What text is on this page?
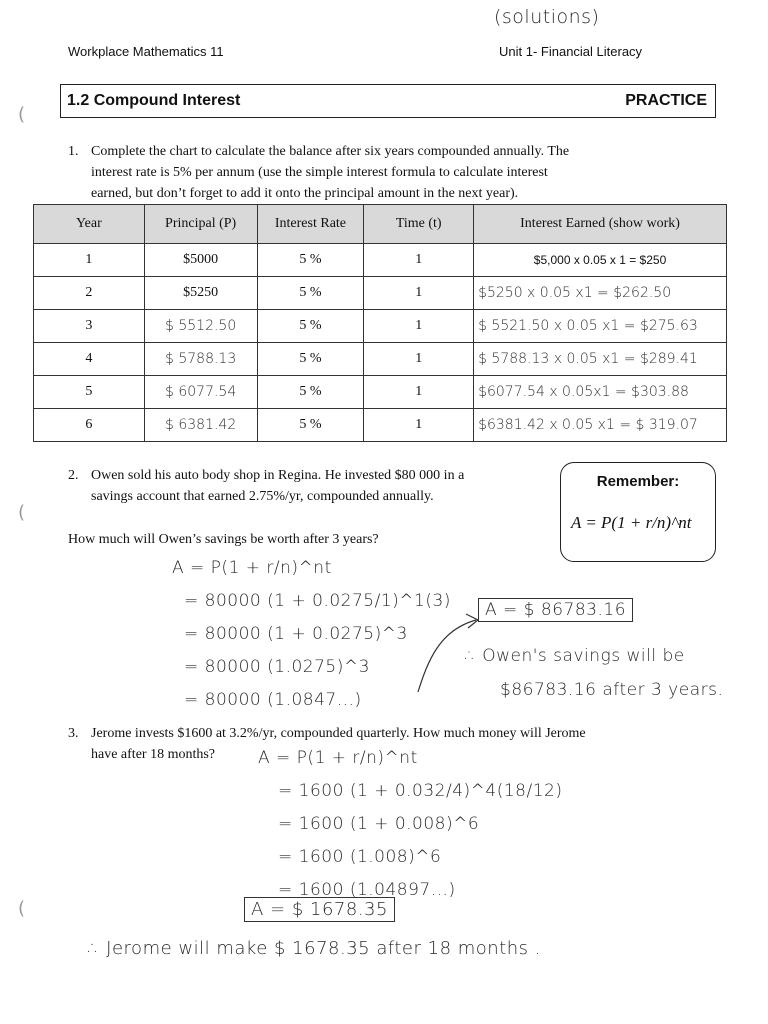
(
(
(
(solutions)
Workplace Mathematics 11	Unit 1- Financial Literacy
1.2 Compound Interest	PRACTICE
1. Complete the chart to calculate the balance after six years compounded annually. The
interest rate is 5% per annum (use the simple interest formula to calculate interest
earned, but don’t forget to add it onto the principal amount in the next year).
Year	Principal (P)	Interest Rate	Time (t)	Interest Earned (show work)
1	$5000	5 %	1	$5,000 x 0.05 x 1 = $250
2	$5250	5 %	1	$5250 x 0.05 x1 = $262.50
3	$ 5512.50	5 %	1	$ 5521.50 x 0.05 x1 = $275.63
4	$ 5788.13	5 %	1	$ 5788.13 x 0.05 x1 = $289.41
5	$ 6077.54	5 %	1	$6077.54 x 0.05x1 = $303.88
6	$ 6381.42	5 %	1	$6381.42 x 0.05 x1 = $ 319.07
2. Owen sold his auto body shop in Regina. He invested $80 000 in a
savings account that earned 2.75%/yr, compounded annually.
How much will Owen’s savings be worth after 3 years?
Remember:
A = P(1 + r/n)^nt
A = P(1 + r/n)^nt
= 80000 (1 + 0.0275/1)^1(3)
= 80000 (1 + 0.0275)^3
= 80000 (1.0275)^3
= 80000 (1.0847...)
A = $ 86783.16
∴ Owen's savings will be
$86783.16 after 3 years.
3. Jerome invests $1600 at 3.2%/yr, compounded quarterly. How much money will Jerome
have after 18 months?	A = P(1 + r/n)^nt
= 1600 (1 + 0.032/4)^4(18/12)
= 1600 (1 + 0.008)^6
= 1600 (1.008)^6
= 1600 (1.04897...)
A = $ 1678.35
∴ Jerome will make $ 1678.35 after 18 months .
